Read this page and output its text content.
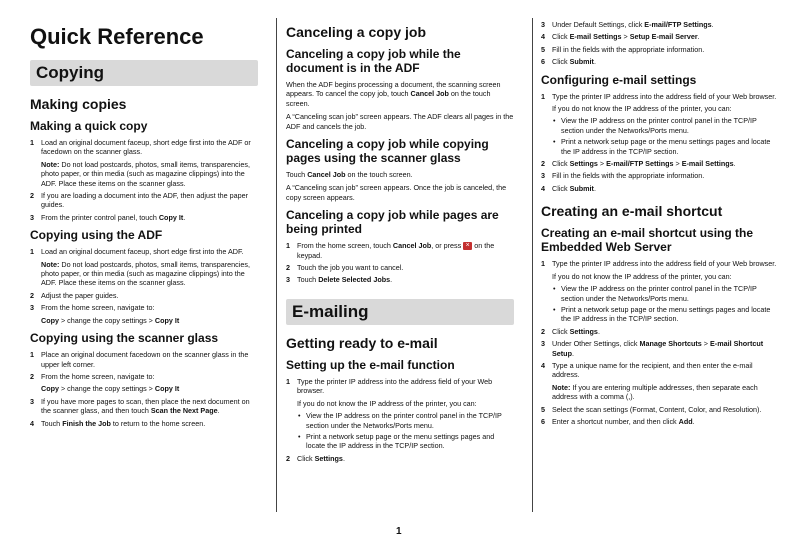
Quick Reference
Copying
Making copies
Making a quick copy
1 Load an original document faceup, short edge first into the ADF or facedown on the scanner glass.
Note: Do not load postcards, photos, small items, transparencies, photo paper, or thin media (such as magazine clippings) into the ADF. Place these items on the scanner glass.
2 If you are loading a document into the ADF, then adjust the paper guides.
3 From the printer control panel, touch Copy It.
Copying using the ADF
1 Load an original document faceup, short edge first into the ADF.
Note: Do not load postcards, photos, small items, transparencies, photo paper, or thin media (such as magazine clippings) into the ADF. Place these items on the scanner glass.
2 Adjust the paper guides.
3 From the home screen, navigate to:
Copy > change the copy settings > Copy It
Copying using the scanner glass
1 Place an original document facedown on the scanner glass in the upper left corner.
2 From the home screen, navigate to:
Copy > change the copy settings > Copy It
3 If you have more pages to scan, then place the next document on the scanner glass, and then touch Scan the Next Page.
4 Touch Finish the Job to return to the home screen.
Canceling a copy job
Canceling a copy job while the document is in the ADF
When the ADF begins processing a document, the scanning screen appears. To cancel the copy job, touch Cancel Job on the touch screen.
A “Canceling scan job” screen appears. The ADF clears all pages in the ADF and cancels the job.
Canceling a copy job while copying pages using the scanner glass
Touch Cancel Job on the touch screen.
A “Canceling scan job” screen appears. Once the job is canceled, the copy screen appears.
Canceling a copy job while pages are being printed
1 From the home screen, touch Cancel Job, or press × on the keypad.
2 Touch the job you want to cancel.
3 Touch Delete Selected Jobs.
E-mailing
Getting ready to e-mail
Setting up the e-mail function
1 Type the printer IP address into the address field of your Web browser.
If you do not know the IP address of the printer, you can:
• View the IP address on the printer control panel in the TCP/IP section under the Networks/Ports menu.
• Print a network setup page or the menu settings pages and locate the IP address in the TCP/IP section.
2 Click Settings.
3 Under Default Settings, click E-mail/FTP Settings.
4 Click E-mail Settings > Setup E-mail Server.
5 Fill in the fields with the appropriate information.
6 Click Submit.
Configuring e-mail settings
1 Type the printer IP address into the address field of your Web browser.
If you do not know the IP address of the printer, you can:
• View the IP address on the printer control panel in the TCP/IP section under the Networks/Ports menu.
• Print a network setup page or the menu settings pages and locate the IP address in the TCP/IP section.
2 Click Settings > E-mail/FTP Settings > E-mail Settings.
3 Fill in the fields with the appropriate information.
4 Click Submit.
Creating an e-mail shortcut
Creating an e-mail shortcut using the Embedded Web Server
1 Type the printer IP address into the address field of your Web browser.
If you do not know the IP address of the printer, you can:
• View the IP address on the printer control panel in the TCP/IP section under the Networks/Ports menu.
• Print a network setup page or the menu settings pages and locate the IP address in the TCP/IP section.
2 Click Settings.
3 Under Other Settings, click Manage Shortcuts > E-mail Shortcut Setup.
4 Type a unique name for the recipient, and then enter the e-mail address.
Note: If you are entering multiple addresses, then separate each address with a comma (,).
5 Select the scan settings (Format, Content, Color, and Resolution).
6 Enter a shortcut number, and then click Add.
1
